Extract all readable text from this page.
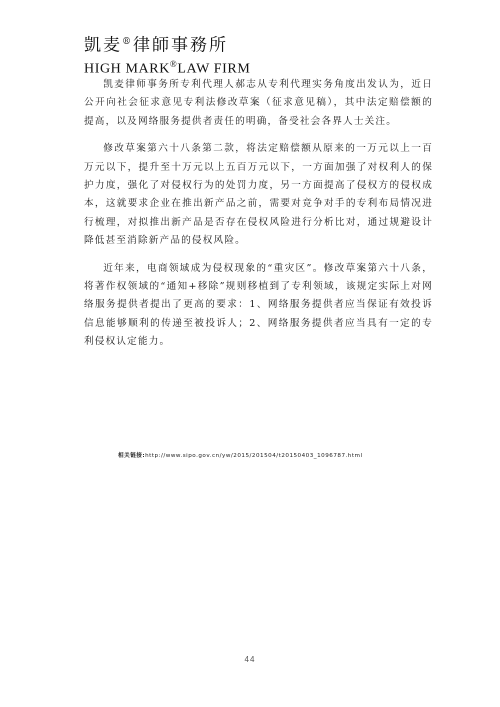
凱麦®律師事務所
HIGH MARK®LAW FIRM

凯麦律师事务所专利代理人郝志从专利代理实务角度出发认为，近日公开向社会征求意见专利法修改草案（征求意见稿），其中法定赔偿额的提高，以及网络服务提供者责任的明确，备受社会各界人士关注。

修改草案第六十八条第二款，将法定赔偿额从原来的一万元以上一百万元以下，提升至十万元以上五百万元以下，一方面加强了对权利人的保护力度，强化了对侵权行为的处罚力度，另一方面提高了侵权方的侵权成本，这就要求企业在推出新产品之前，需要对竞争对手的专利布局情况进行梳理，对拟推出新产品是否存在侵权风险进行分析比对，通过规避设计降低甚至消除新产品的侵权风险。

近年来，电商领域成为侵权现象的“重灾区”。修改草案第六十八条，将著作权领域的“通知+移除”规则移植到了专利领域，该规定实际上对网络服务提供者提出了更高的要求：1、网络服务提供者应当保证有效投诉信息能够顺利的传递至被投诉人；2、网络服务提供者应当具有一定的专利侵权认定能力。

相关链接:http://www.sipo.gov.cn/yw/2015/201504/t20150403_1096787.html
44
